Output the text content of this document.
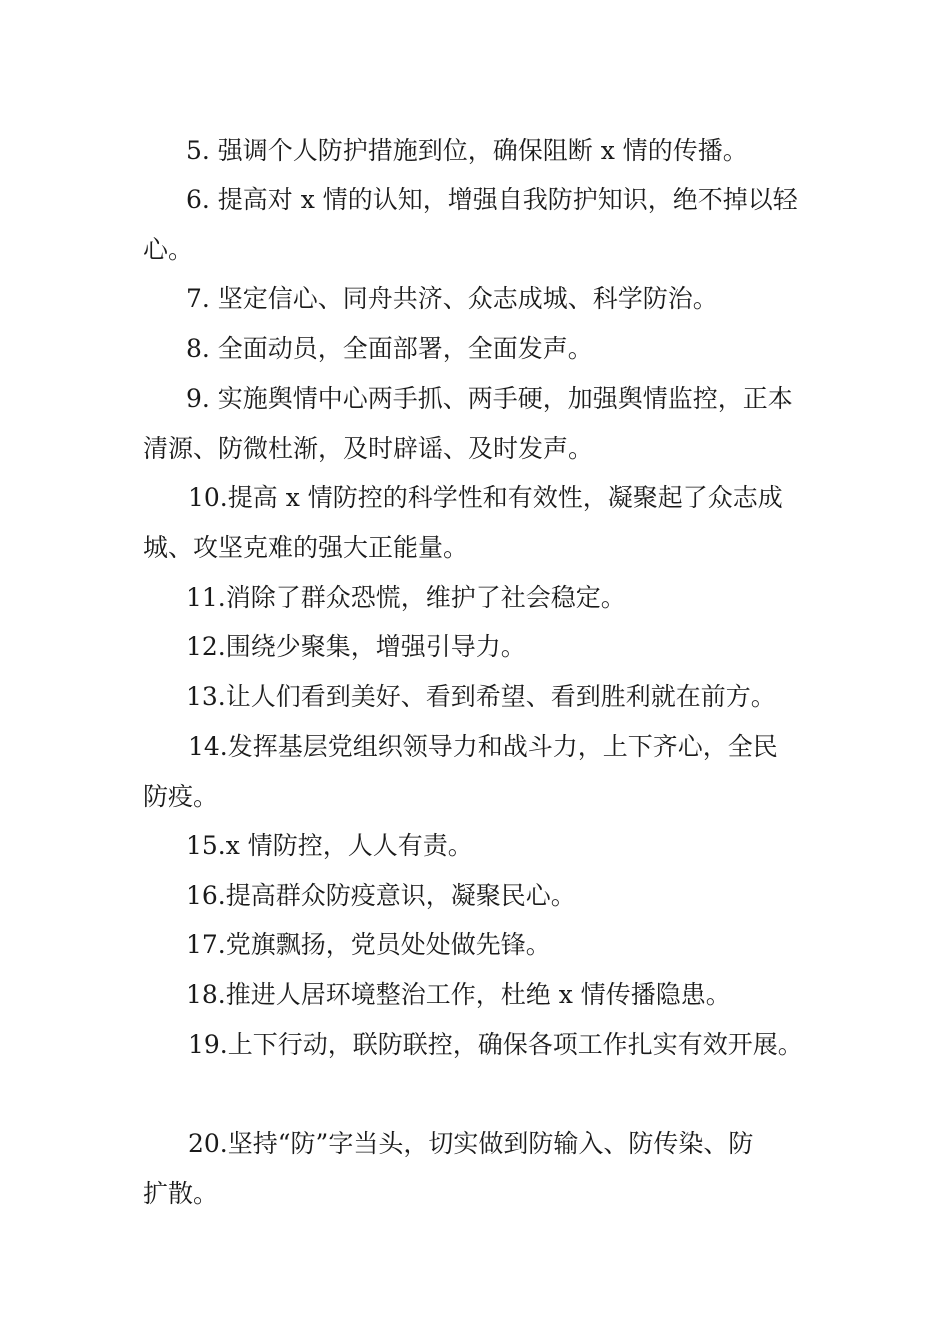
5. 强调个人防护措施到位，确保阻断 x 情的传播。
6. 提高对 x 情的认知，增强自我防护知识，绝不掉以轻
心。
7. 坚定信心、同舟共济、众志成城、科学防治。
8. 全面动员，全面部署，全面发声。
9. 实施舆情中心两手抓、两手硬，加强舆情监控，正本
清源、防微杜渐，及时辟谣、及时发声。
10.提高 x 情防控的科学性和有效性，凝聚起了众志成
城、攻坚克难的强大正能量。
11.消除了群众恐慌，维护了社会稳定。
12.围绕少聚集，增强引导力。
13.让人们看到美好、看到希望、看到胜利就在前方。
14.发挥基层党组织领导力和战斗力，上下齐心，全民
防疫。
15.x 情防控，人人有责。
16.提高群众防疫意识，凝聚民心。
17.党旗飘扬，党员处处做先锋。
18.推进人居环境整治工作，杜绝 x 情传播隐患。
19.上下行动，联防联控，确保各项工作扎实有效开展。
20.坚持“防”字当头，切实做到防输入、防传染、防
扩散。
